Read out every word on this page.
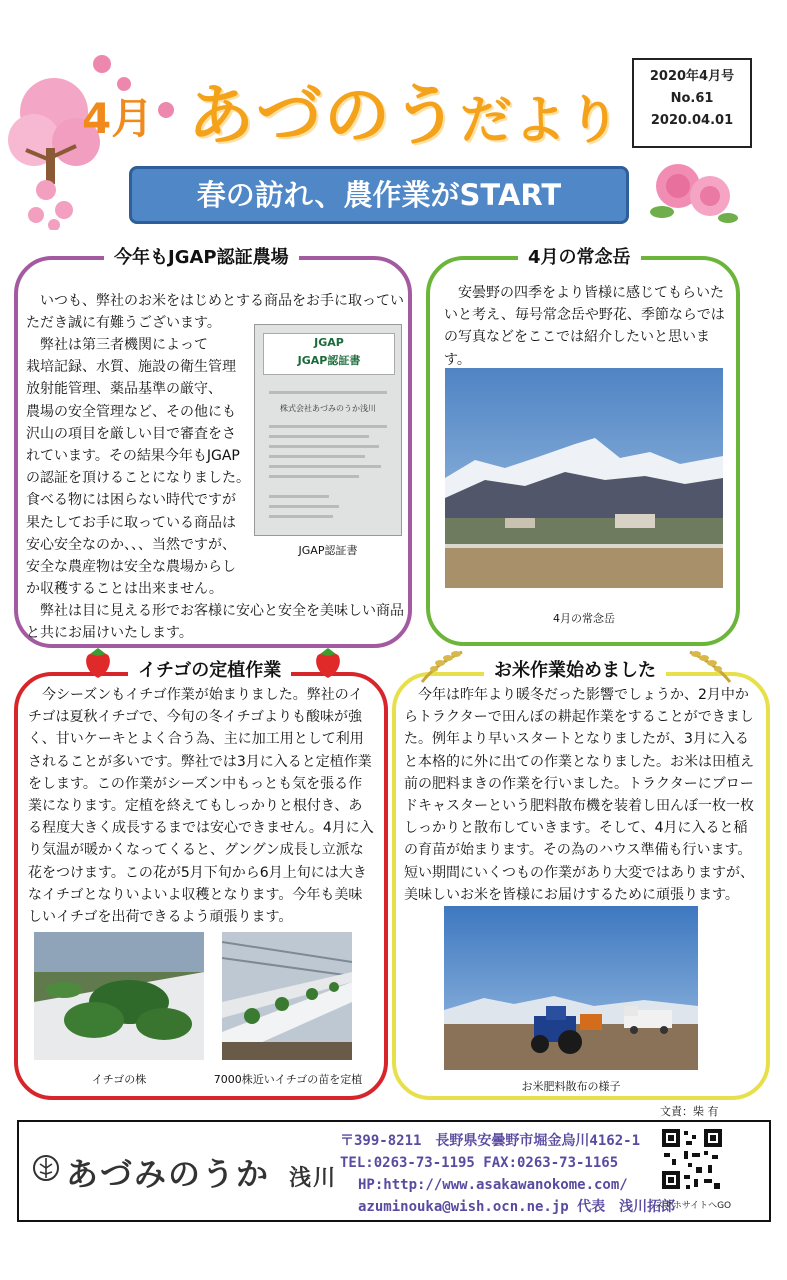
4月 あづのうだより
2020年4月号
No.61
2020.04.01
春の訪れ、農作業がSTART
今年もJGAP認証農場
　いつも、弊社のお米をはじめとする商品をお手に取っていただき誠に有難うございます。
　弊社は第三者機関によって
栽培記録、水質、施設の衛生管理
放射能管理、薬品基準の厳守、
農場の安全管理など、その他にも
沢山の項目を厳しい目で審査をさ
れています。その結果今年もJGAP
の認証を頂けることになりました。
食べる物には困らない時代ですが
果たしてお手に取っている商品は
安心安全なのか、、、当然ですが、
安全な農産物は安全な農場からし
か収穫することは出来ません。
　弊社は目に見える形でお客様に安心と安全を美味しい商品と共にお届けいたします。
JGAP
JGAP認証書
株式会社あづみのうか浅川
JGAP認証書
4月の常念岳
　安曇野の四季をより皆様に感じてもらいたいと考え、毎号常念岳や野花、季節ならではの写真などをここでは紹介したいと思います。
4月の常念岳
イチゴの定植作業
　今シーズンもイチゴ作業が始まりました。弊社のイチゴは夏秋イチゴで、今旬の冬イチゴよりも酸味が強く、甘いケーキとよく合う為、主に加工用として利用されることが多いです。弊社では3月に入ると定植作業をします。この作業がシーズン中もっとも気を張る作業になります。定植を終えてもしっかりと根付き、ある程度大きく成長するまでは安心できません。4月に入り気温が暖かくなってくると、グングン成長し立派な花をつけます。この花が5月下旬から6月上旬には大きなイチゴとなりいよいよ収穫となります。今年も美味しいイチゴを出荷できるよう頑張ります。
イチゴの株	7000株近いイチゴの苗を定植
お米作業始めました
　今年は昨年より暖冬だった影響でしょうか、2月中からトラクターで田んぼの耕起作業をすることができました。例年より早いスタートとなりましたが、3月に入ると本格的に外に出ての作業となりました。お米は田植え前の肥料まきの作業を行いました。トラクターにブロードキャスターという肥料散布機を装着し田んぼ一枚一枚しっかりと散布していきます。そして、4月に入ると稲の育苗が始まります。その為のハウス準備も行います。短い期間にいくつもの作業があり大変ではありますが、美味しいお米を皆様にお届けするために頑張ります。
お米肥料散布の様子
文責：柴 有
あづみのうか 浅川
〒399-8211　長野県安曇野市堀金烏川4162-1
TEL:0263-73-1195 FAX:0263-73-1165
HP:http://www.asakawanokome.com/
azuminouka@wish.ocn.ne.jp 代表　浅川拓郎
スマホサイトへGO
